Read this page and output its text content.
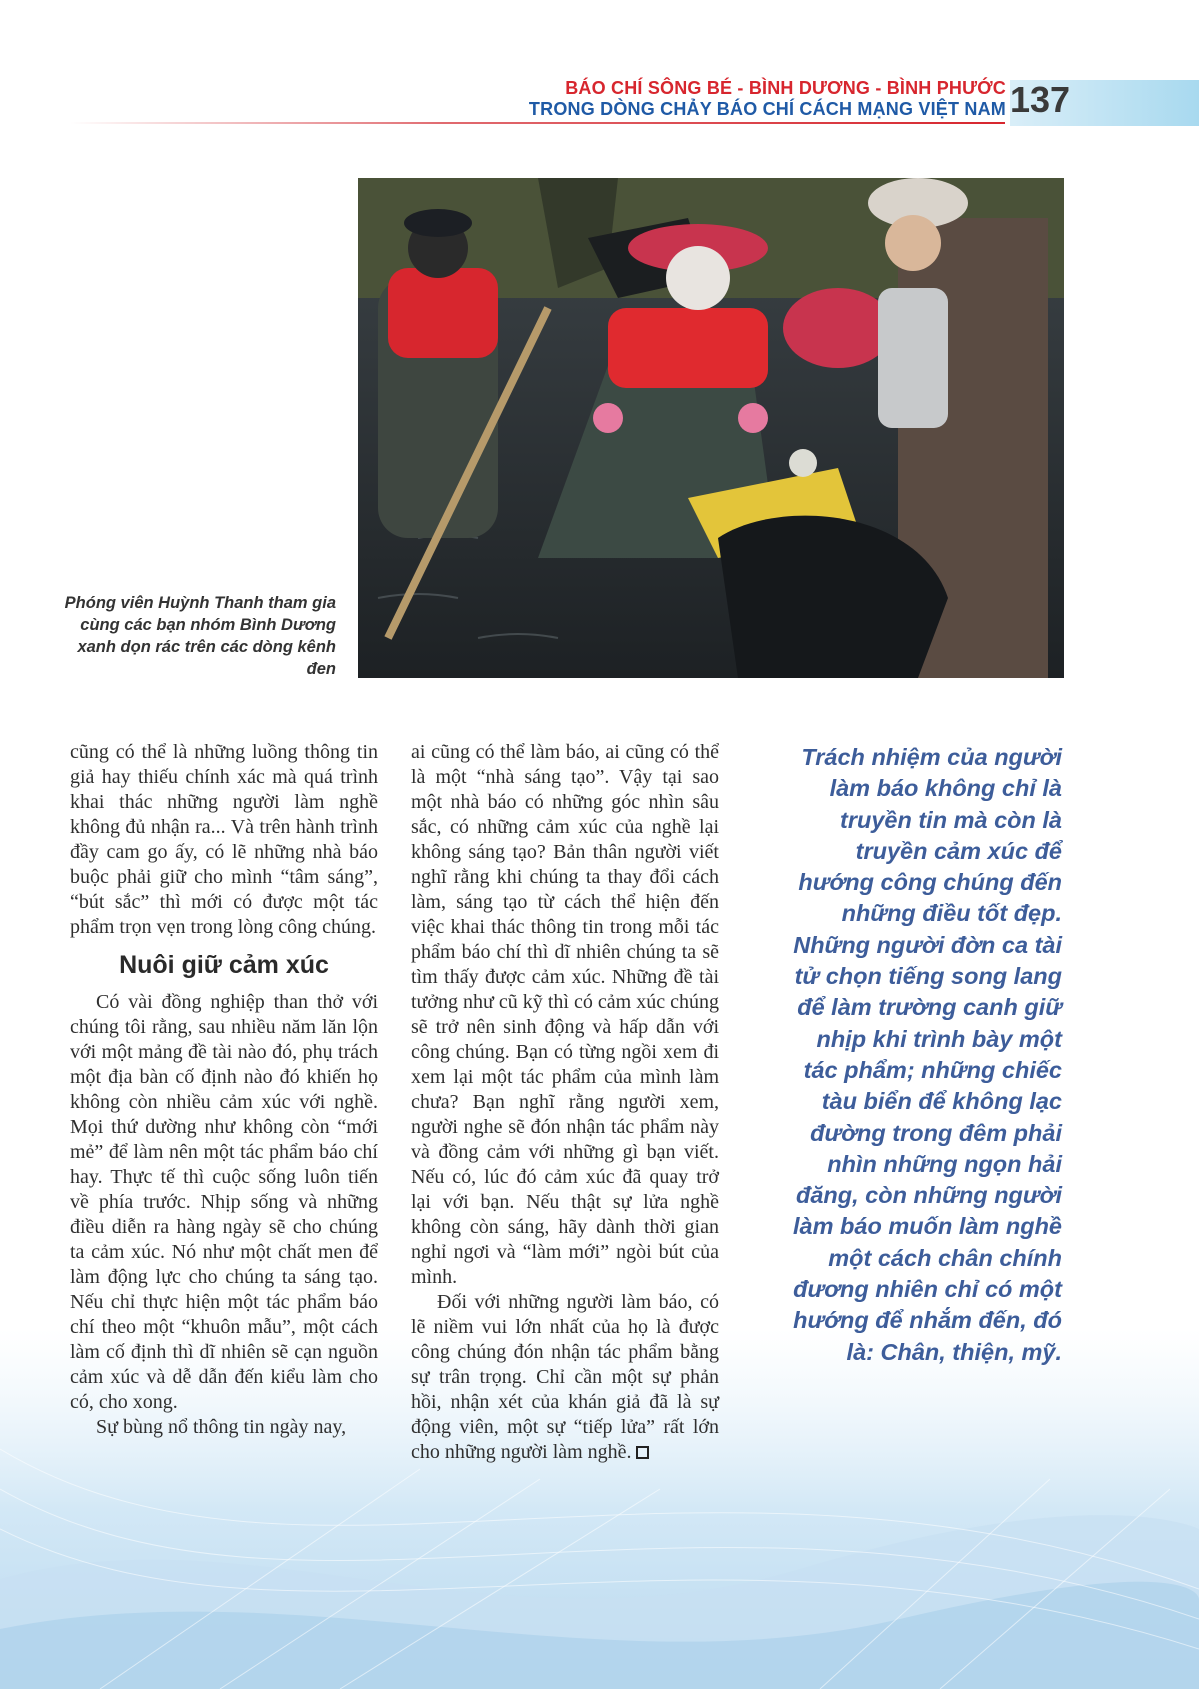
BÁO CHÍ SÔNG BÉ - BÌNH DƯƠNG - BÌNH PHƯỚC
TRONG DÒNG CHẢY BÁO CHÍ CÁCH MẠNG VIỆT NAM 137
Phóng viên Huỳnh Thanh tham gia cùng các bạn nhóm Bình Dương xanh dọn rác trên các dòng kênh đen

cũng có thể là những luồng thông tin giả hay thiếu chính xác mà quá trình khai thác những người làm nghề không đủ nhận ra... Và trên hành trình đầy cam go ấy, có lẽ những nhà báo buộc phải giữ cho mình “tâm sáng”, “bút sắc” thì mới có được một tác phẩm trọn vẹn trong lòng công chúng.

Nuôi giữ cảm xúc

Có vài đồng nghiệp than thở với chúng tôi rằng, sau nhiều năm lăn lộn với một mảng đề tài nào đó, phụ trách một địa bàn cố định nào đó khiến họ không còn nhiều cảm xúc với nghề. Mọi thứ dường như không còn “mới mẻ” để làm nên một tác phẩm báo chí hay. Thực tế thì cuộc sống luôn tiến về phía trước. Nhịp sống và những điều diễn ra hàng ngày sẽ cho chúng ta cảm xúc. Nó như một chất men để làm động lực cho chúng ta sáng tạo. Nếu chỉ thực hiện một tác phẩm báo chí theo một “khuôn mẫu”, một cách làm cố định thì dĩ nhiên sẽ cạn nguồn cảm xúc và dễ dẫn đến kiểu làm cho có, cho xong.

Sự bùng nổ thông tin ngày nay,

ai cũng có thể làm báo, ai cũng có thể là một “nhà sáng tạo”. Vậy tại sao một nhà báo có những góc nhìn sâu sắc, có những cảm xúc của nghề lại không sáng tạo? Bản thân người viết nghĩ rằng khi chúng ta thay đổi cách làm, sáng tạo từ cách thể hiện đến việc khai thác thông tin trong mỗi tác phẩm báo chí thì dĩ nhiên chúng ta sẽ tìm thấy được cảm xúc. Những đề tài tưởng như cũ kỹ thì có cảm xúc chúng sẽ trở nên sinh động và hấp dẫn với công chúng. Bạn có từng ngồi xem đi xem lại một tác phẩm của mình làm chưa? Bạn nghĩ rằng người xem, người nghe sẽ đón nhận tác phẩm này và đồng cảm với những gì bạn viết. Nếu có, lúc đó cảm xúc đã quay trở lại với bạn. Nếu thật sự lửa nghề không còn sáng, hãy dành thời gian nghỉ ngơi và “làm mới” ngòi bút của mình.

Đối với những người làm báo, có lẽ niềm vui lớn nhất của họ là được công chúng đón nhận tác phẩm bằng sự trân trọng. Chỉ cần một sự phản hồi, nhận xét của khán giả đã là sự động viên, một sự “tiếp lửa” rất lớn cho những người làm nghề.

Trách nhiệm của người làm báo không chỉ là truyền tin mà còn là truyền cảm xúc để hướng công chúng đến những điều tốt đẹp. Những người đờn ca tài tử chọn tiếng song lang để làm trường canh giữ nhịp khi trình bày một tác phẩm; những chiếc tàu biển để không lạc đường trong đêm phải nhìn những ngọn hải đăng, còn những người làm báo muốn làm nghề một cách chân chính đương nhiên chỉ có một hướng để nhắm đến, đó là: Chân, thiện, mỹ.
